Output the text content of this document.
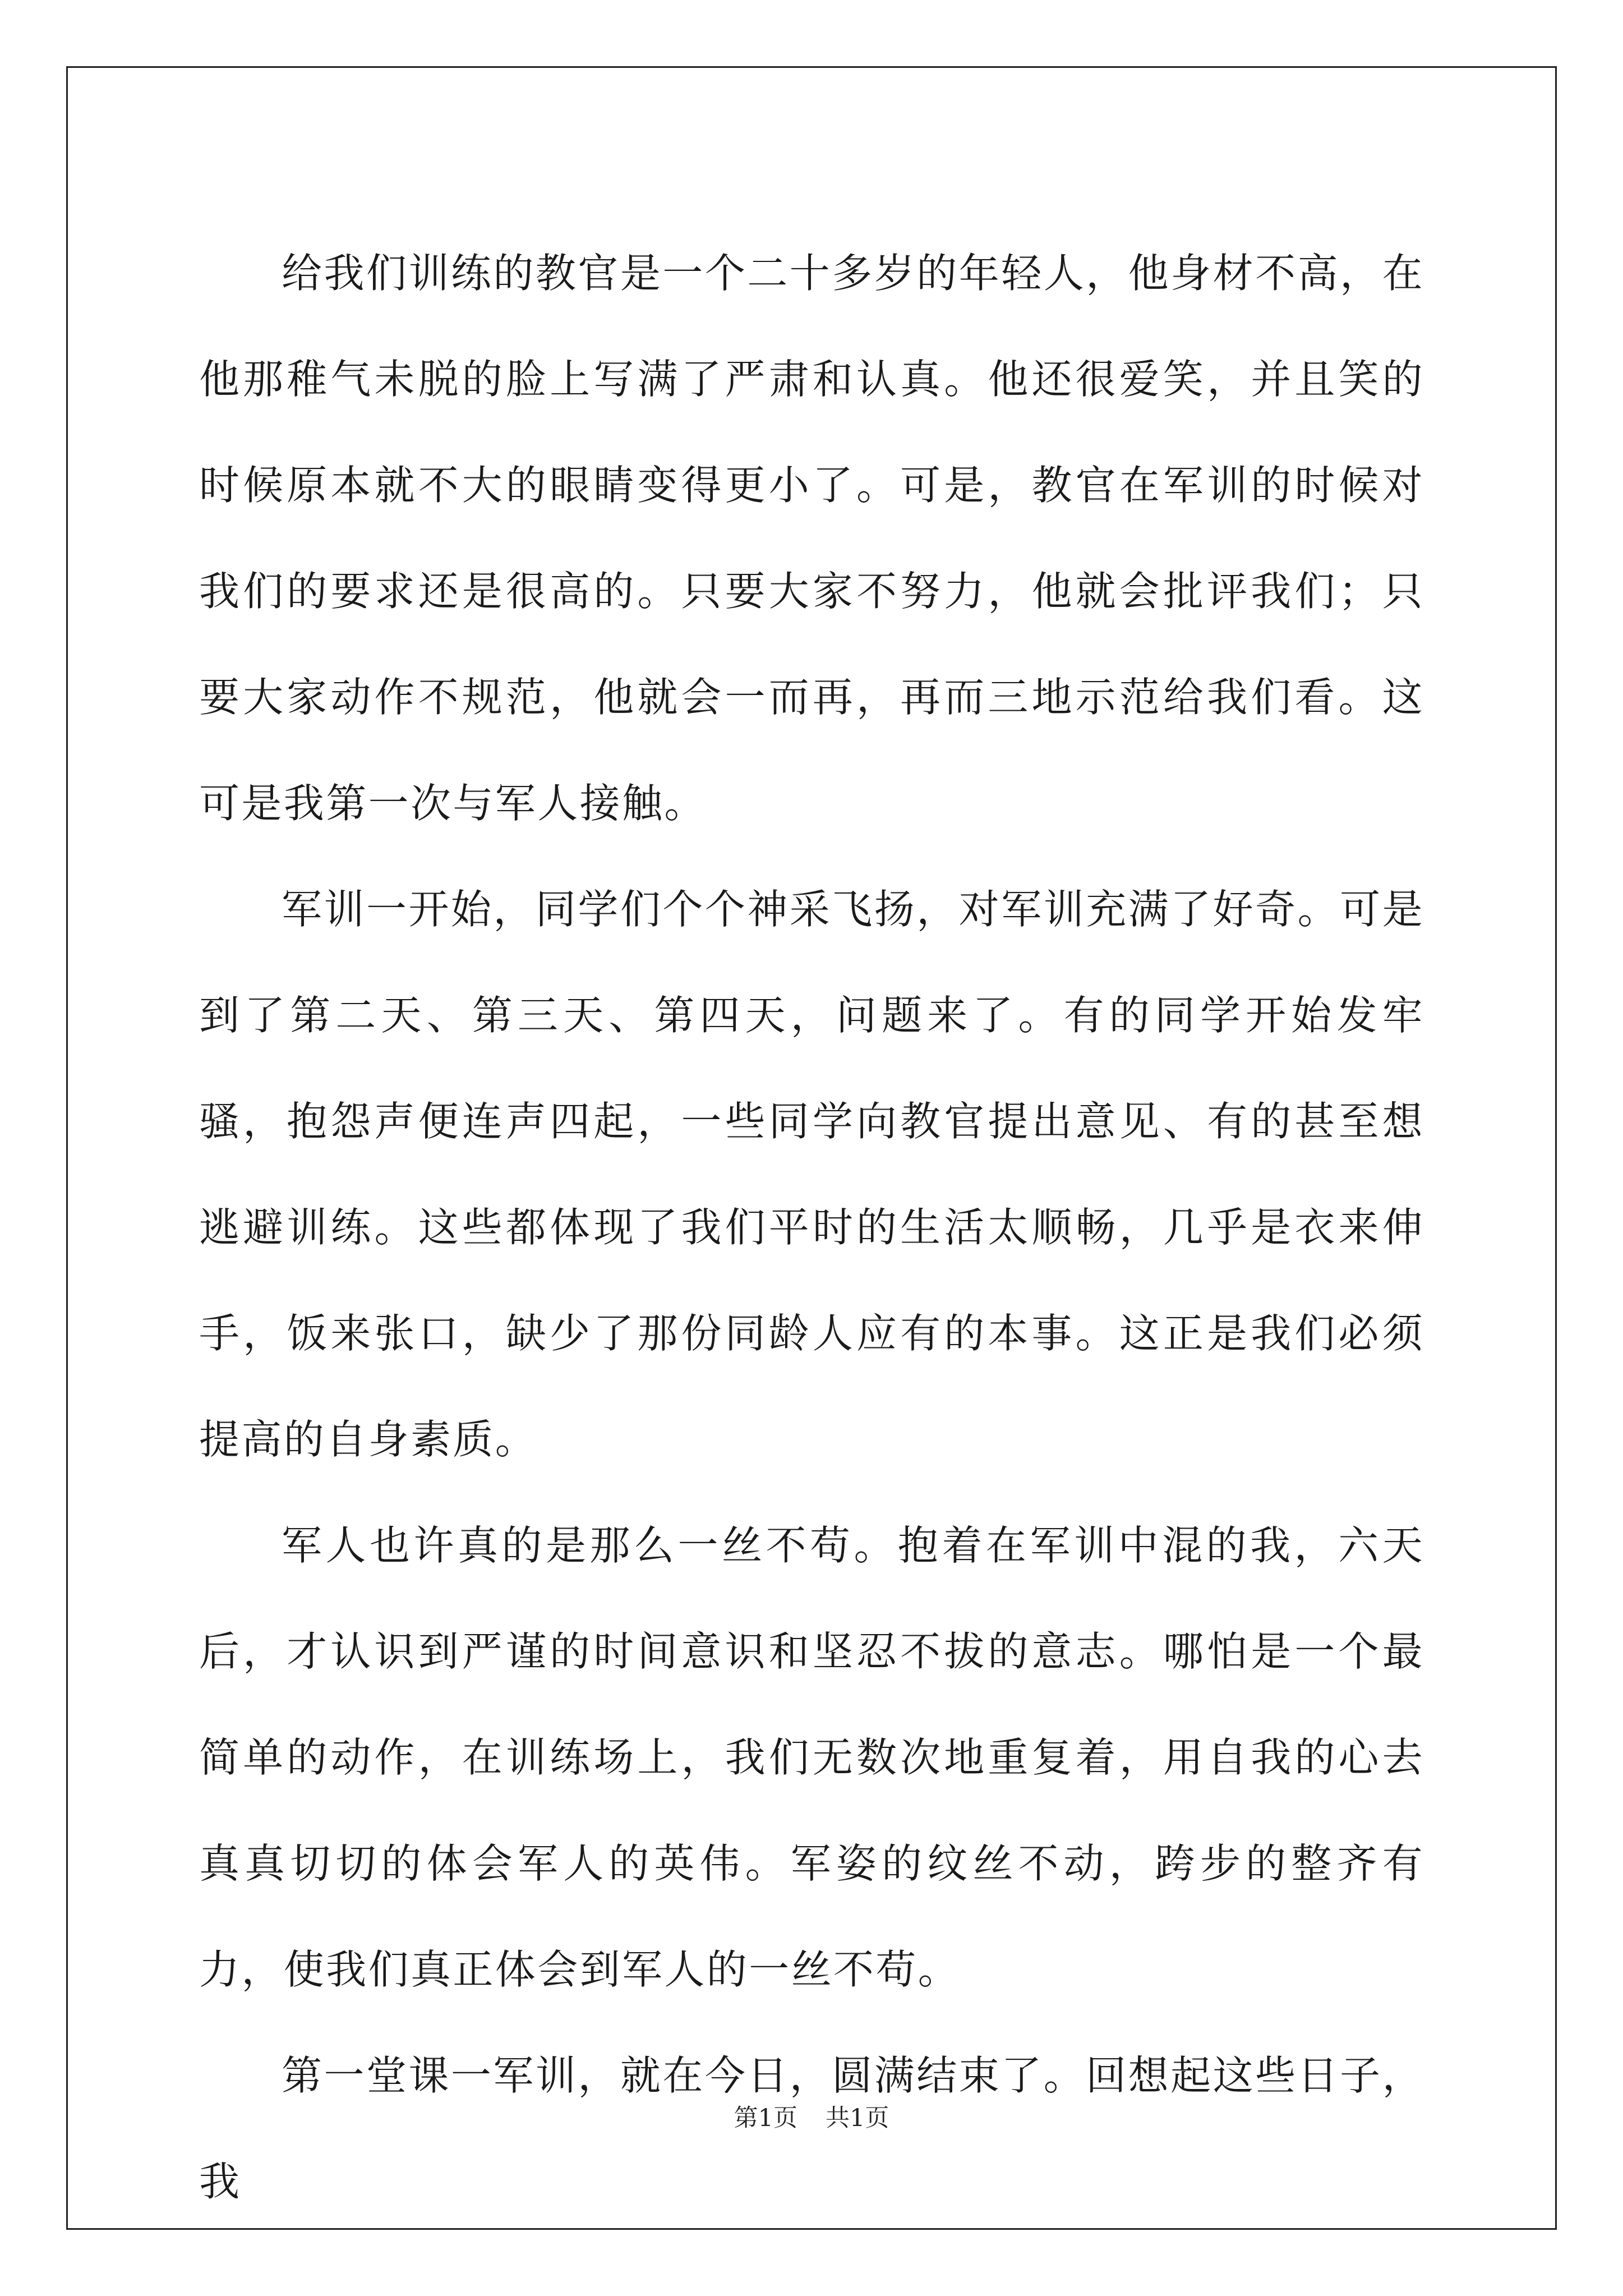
给我们训练的教官是一个二十多岁的年轻人，他身材不高，在他那稚气未脱的脸上写满了严肃和认真。他还很爱笑，并且笑的时候原本就不大的眼睛变得更小了。可是，教官在军训的时候对我们的要求还是很高的。只要大家不努力，他就会批评我们；只要大家动作不规范，他就会一而再，再而三地示范给我们看。这可是我第一次与军人接触。

军训一开始，同学们个个神采飞扬，对军训充满了好奇。可是到了第二天、第三天、第四天，问题来了。有的同学开始发牢骚，抱怨声便连声四起，一些同学向教官提出意见、有的甚至想逃避训练。这些都体现了我们平时的生活太顺畅，几乎是衣来伸手，饭来张口，缺少了那份同龄人应有的本事。这正是我们必须提高的自身素质。

军人也许真的是那么一丝不苟。抱着在军训中混的我，六天后，才认识到严谨的时间意识和坚忍不拔的意志。哪怕是一个最简单的动作，在训练场上，我们无数次地重复着，用自我的心去真真切切的体会军人的英伟。军姿的纹丝不动，跨步的整齐有力，使我们真正体会到军人的一丝不苟。

第一堂课一军训，就在今日，圆满结束了。回想起这些日子，我

第1页 共1页
